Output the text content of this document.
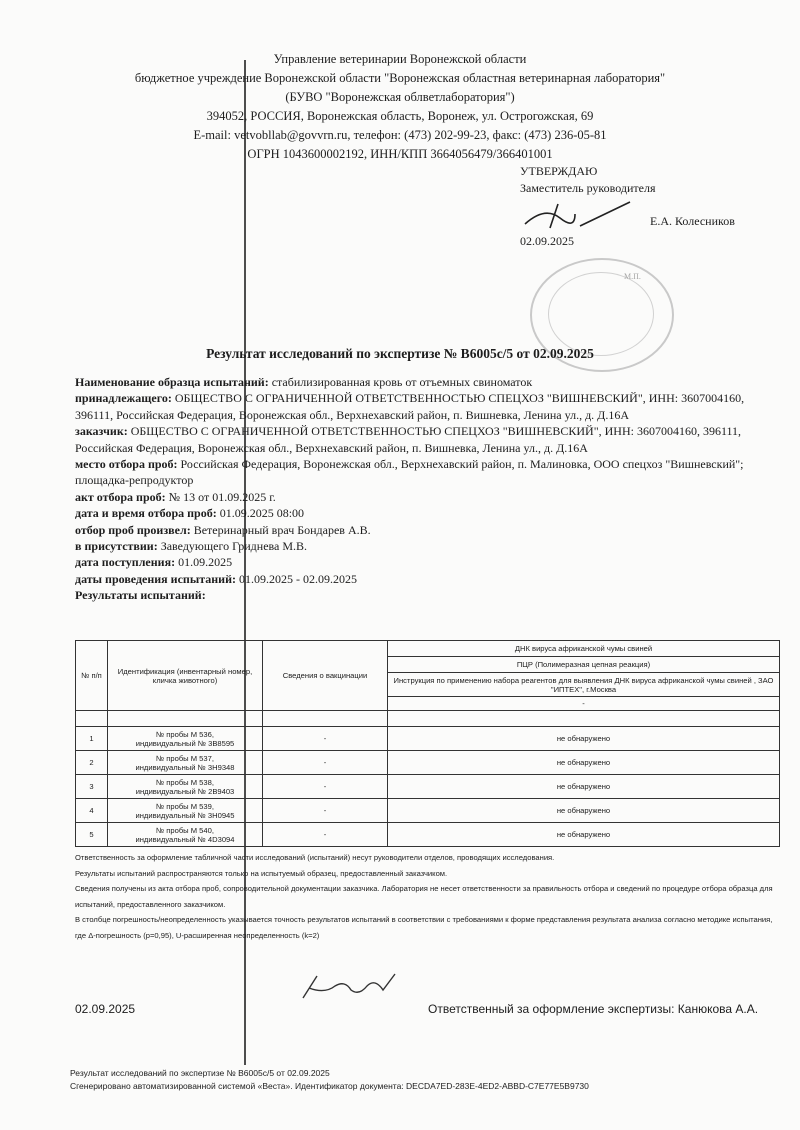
Управление ветеринарии Воронежской области
бюджетное учреждение Воронежской области "Воронежская областная ветеринарная лаборатория"
(БУВО "Воронежская облветлаборатория")
394052, РОССИЯ, Воронежская область, Воронеж, ул. Острогожская, 69
E-mail: vetvobllab@govvrn.ru, телефон: (473) 202-99-23, факс: (473) 236-05-81
ОГРН 1043600002192, ИНН/КПП 3664056479/366401001
УТВЕРЖДАЮ
Заместитель руководителя
Е.А. Колесников
02.09.2025
М.П.
Результат исследований по экспертизе № В6005с/5 от 02.09.2025

Наименование образца испытаний: стабилизированная кровь от отъемных свиноматок

принадлежащего: ОБЩЕСТВО С ОГРАНИЧЕННОЙ ОТВЕТСТВЕННОСТЬЮ СПЕЦХОЗ "ВИШНЕВСКИЙ", ИНН: 3607004160, 396111, Российская Федерация, Воронежская обл., Верхнехавский район, п. Вишневка, Ленина ул., д. Д.16А

заказчик: ОБЩЕСТВО С ОГРАНИЧЕННОЙ ОТВЕТСТВЕННОСТЬЮ СПЕЦХОЗ "ВИШНЕВСКИЙ", ИНН: 3607004160, 396111, Российская Федерация, Воронежская обл., Верхнехавский район, п. Вишневка, Ленина ул., д. Д.16А

место отбора проб: Российская Федерация, Воронежская обл., Верхнехавский район, п. Малиновка, ООО спецхоз "Вишневский"; площадка-репродуктор

акт отбора проб: № 13 от 01.09.2025 г.

дата и время отбора проб: 01.09.2025 08:00

отбор проб произвел: Ветеринарный врач Бондарев А.В.

в присутствии: Заведующего Гриднева М.В.

дата поступления: 01.09.2025

даты проведения испытаний: 01.09.2025 - 02.09.2025

Результаты испытаний:

№ п/п	Идентификация (инвентарный номер, кличка животного)	Сведения о вакцинации	ДНК вируса африканской чумы свиней
			ПЦР (Полимеразная цепная реакция)
			Инструкция по применению набора реагентов для выявления ДНК вируса африканской чумы свиней , ЗАО "ИПТЕХ", г.Москва
			-

1	№ пробы М 536,
индивидуальный № 3В8595	-	не обнаружено
2	№ пробы М 537,
индивидуальный № 3Н9348	-	не обнаружено
3	№ пробы М 538,
индивидуальный № 2В9403	-	не обнаружено
4	№ пробы М 539,
индивидуальный № 3Н0945	-	не обнаружено
5	№ пробы М 540,
индивидуальный № 4D3094	-	не обнаружено

Ответственность за оформление табличной части исследований (испытаний) несут руководители отделов, проводящих исследования.

Результаты испытаний распространяются только на испытуемый образец, предоставленный заказчиком.

Сведения получены из акта отбора проб, сопроводительной документации заказчика. Лаборатория не несет ответственности за правильность отбора и сведений по процедуре отбора образца для испытаний, предоставленного заказчиком.

В столбце погрешность/неопределенность указывается точность результатов испытаний в соответствии с требованиями к форме представления результата анализа согласно методике испытания, где Δ-погрешность (р=0,95), U-расширенная неопределенность (k=2)

02.09.2025	Ответственный за оформление экспертизы: Канюкова А.А.
Результат исследований по экспертизе № В6005с/5 от 02.09.2025
Сгенерировано автоматизированной системой «Веста». Идентификатор документа: DECDA7ED-283E-4ED2-ABBD-C7E77E5B9730
